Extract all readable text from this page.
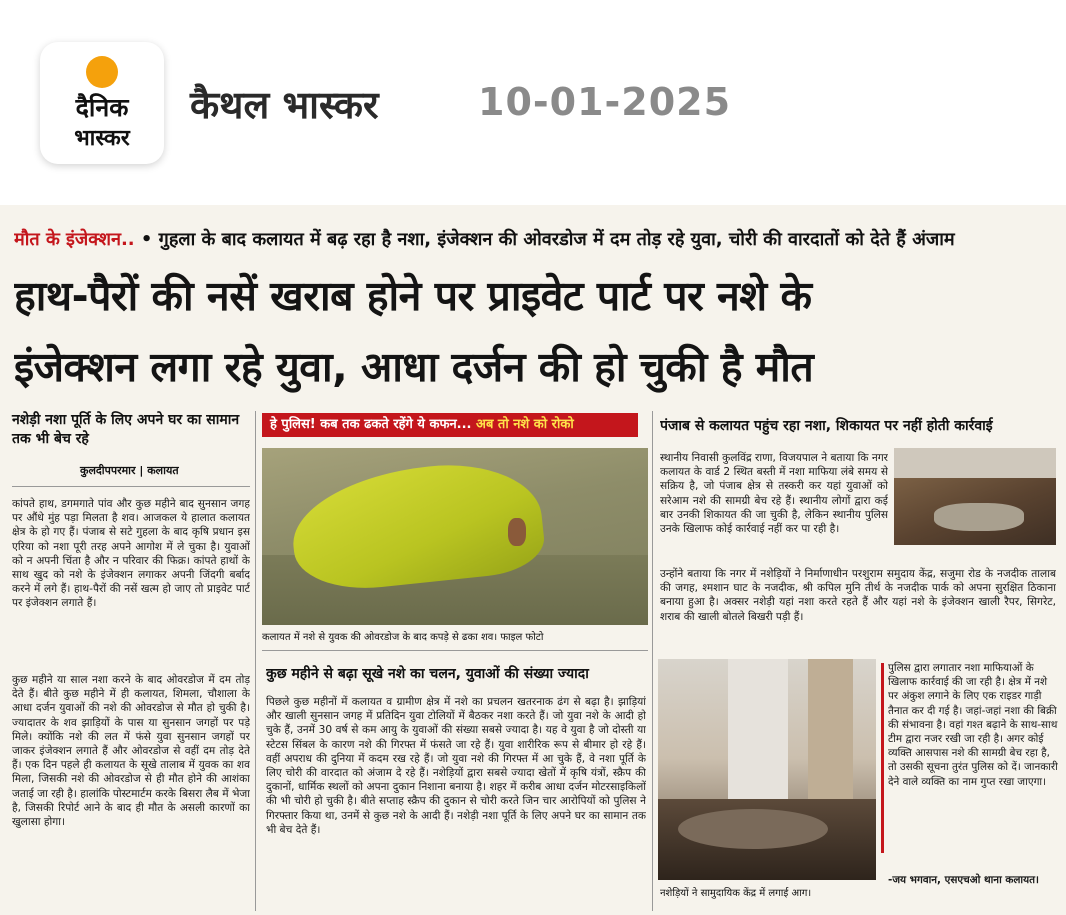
दैनिक
भास्कर
कैथल भास्कर	10-01-2025
मौत के इंजेक्शन.. • गुहला के बाद कलायत में बढ़ रहा है नशा, इंजेक्शन की ओवरडोज में दम तोड़ रहे युवा, चोरी की वारदातों को देते हैं अंजाम
हाथ-पैरों की नसें खराब होने पर प्राइवेट पार्ट पर नशे के
इंजेक्शन लगा रहे युवा, आधा दर्जन की हो चुकी है मौत
नशेड़ी नशा पूर्ति के लिए अपने घर का सामान तक भी बेच रहे
कुलदीपपरमार | कलायत
कांपते हाथ, डगमगाते पांव और कुछ महीने बाद सुनसान जगह पर औंधे मुंह पड़ा मिलता है शव। आजकल ये हालात कलायत क्षेत्र के हो गए हैं। पंजाब से सटे गुहला के बाद कृषि प्रधान इस एरिया को नशा पूरी तरह अपने आगोश में ले चुका है। युवाओं को न अपनी चिंता है और न परिवार की फिक्र। कांपते हाथों के साथ खुद को नशे के इंजेक्शन लगाकर अपनी जिंदगी बर्बाद करने में लगे हैं। हाथ-पैरों की नसें खत्म हो जाए तो प्राइवेट पार्ट पर इंजेक्शन लगाते हैं।
कुछ महीने या साल नशा करने के बाद ओवरडोज में दम तोड़ देते हैं। बीते कुछ महीने में ही कलायत, शिमला, चौशाला के आधा दर्जन युवाओं की नशे की ओवरडोज से मौत हो चुकी है। ज्यादातर के शव झाड़ियों के पास या सुनसान जगहों पर पड़े मिले। क्योंकि नशे की लत में फंसे युवा सुनसान जगहों पर जाकर इंजेक्शन लगाते हैं और ओवरडोज से वहीं दम तोड़ देते हैं। एक दिन पहले ही कलायत के सूखे तालाब में युवक का शव मिला, जिसकी नशे की ओवरडोज से ही मौत होने की आशंका जताई जा रही है। हालांकि पोस्टमार्टम करके बिसरा लैब में भेजा है, जिसकी रिपोर्ट आने के बाद ही मौत के असली कारणों का खुलासा होगा।
हे पुलिस! कब तक ढकते रहेंगे ये कफन... अब तो नशे को रोको
कलायत में नशे से युवक की ओवरडोज के बाद कपड़े से ढका शव। फाइल फोटो
कुछ महीने से बढ़ा सूखे नशे का चलन, युवाओं की संख्या ज्यादा
पिछले कुछ महीनों में कलायत व ग्रामीण क्षेत्र में नशे का प्रचलन खतरनाक ढंग से बढ़ा है। झाड़ियां और खाली सुनसान जगह में प्रतिदिन युवा टोलियों में बैठकर नशा करते हैं। जो युवा नशे के आदी हो चुके हैं, उनमें 30 वर्ष से कम आयु के युवाओं की संख्या सबसे ज्यादा है। यह वे युवा है जो दोस्ती या स्टेटस सिंबल के कारण नशे की गिरफ्त में फंसते जा रहे हैं। युवा शारीरिक रूप से बीमार हो रहे हैं। वहीं अपराध की दुनिया में कदम रख रहे हैं। जो युवा नशे की गिरफ्त में आ चुके हैं, वे नशा पूर्ति के लिए चोरी की वारदात को अंजाम दे रहे हैं। नशेड़ियों द्वारा सबसे ज्यादा खेतों में कृषि यंत्रों, स्क्रैप की दुकानों, धार्मिक स्थलों को अपना दुकान निशाना बनाया है। शहर में करीब आधा दर्जन मोटरसाइकिलों की भी चोरी हो चुकी है। बीते सप्ताह स्क्रैप की दुकान से चोरी करते जिन चार आरोपियों को पुलिस ने गिरफ्तार किया था, उनमें से कुछ नशे के आदी हैं। नशेड़ी नशा पूर्ति के लिए अपने घर का सामान तक भी बेच देते हैं।
पंजाब से कलायत पहुंच रहा नशा, शिकायत पर नहीं होती कार्रवाई
स्थानीय निवासी कुलविंद्र राणा, विजयपाल ने बताया कि नगर कलायत के वार्ड 2 स्थित बस्ती में नशा माफिया लंबे समय से सक्रिय है, जो पंजाब क्षेत्र से तस्करी कर यहां युवाओं को सरेआम नशे की सामग्री बेच रहे हैं। स्थानीय लोगों द्वारा कई बार उनकी शिकायत की जा चुकी है, लेकिन स्थानीय पुलिस उनके खिलाफ कोई कार्रवाई नहीं कर पा रही है।
उन्होंने बताया कि नगर में नशेड़ियों ने निर्माणाधीन परशुराम समुदाय केंद्र, सजुमा रोड के नजदीक तालाब की जगह, श्मशान घाट के नजदीक, श्री कपिल मुनि तीर्थ के नजदीक पार्क को अपना सुरक्षित ठिकाना बनाया हुआ है। अक्सर नशेड़ी यहां नशा करते रहते हैं और यहां नशे के इंजेक्शन खाली रैपर, सिगरेट, शराब की खाली बोतले बिखरी पड़ी हैं।
नशेड़ियों ने सामुदायिक केंद्र में लगाई आग।
पुलिस द्वारा लगातार नशा माफियाओं के खिलाफ कार्रवाई की जा रही है। क्षेत्र में नशे पर अंकुश लगाने के लिए एक राइडर गाड़ी तैनात कर दी गई है। जहां-जहां नशा की बिक्री की संभावना है। वहां गश्त बढ़ाने के साथ-साथ टीम द्वारा नजर रखी जा रही है। अगर कोई व्यक्ति आसपास नशे की सामग्री बेच रहा है, तो उसकी सूचना तुरंत पुलिस को दें। जानकारी देने वाले व्यक्ति का नाम गुप्त रखा जाएगा।
-जय भगवान, एसएचओ थाना कलायत।
